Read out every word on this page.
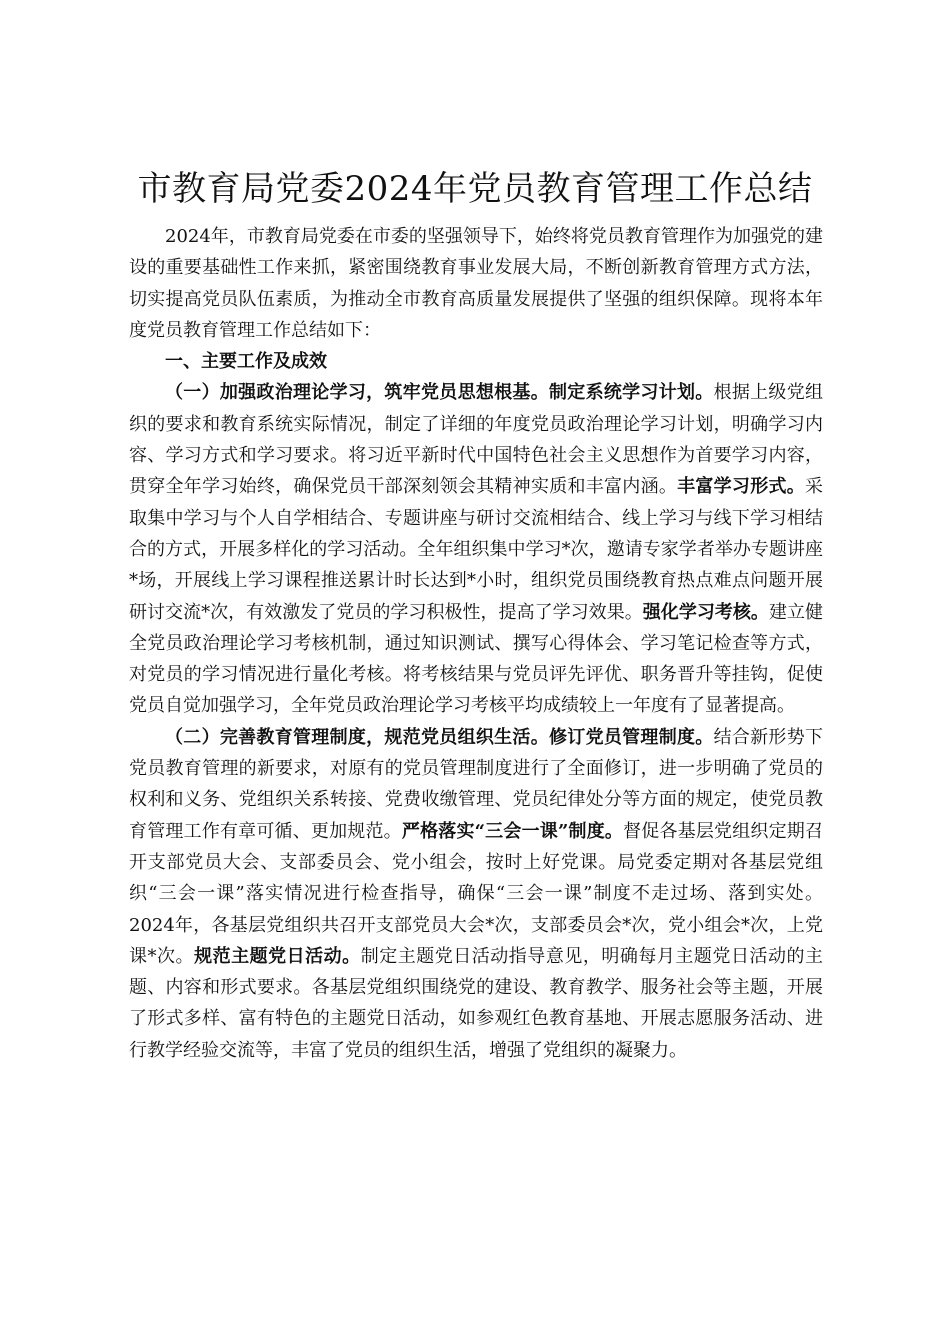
市教育局党委2024年党员教育管理工作总结

2024年，市教育局党委在市委的坚强领导下，始终将党员教育管理作为加强党的建设的重要基础性工作来抓，紧密围绕教育事业发展大局，不断创新教育管理方式方法，切实提高党员队伍素质，为推动全市教育高质量发展提供了坚强的组织保障。现将本年度党员教育管理工作总结如下：

一、主要工作及成效

（一）加强政治理论学习，筑牢党员思想根基。制定系统学习计划。根据上级党组织的要求和教育系统实际情况，制定了详细的年度党员政治理论学习计划，明确学习内容、学习方式和学习要求。将习近平新时代中国特色社会主义思想作为首要学习内容，贯穿全年学习始终，确保党员干部深刻领会其精神实质和丰富内涵。丰富学习形式。采取集中学习与个人自学相结合、专题讲座与研讨交流相结合、线上学习与线下学习相结合的方式，开展多样化的学习活动。全年组织集中学习*次，邀请专家学者举办专题讲座*场，开展线上学习课程推送累计时长达到*小时，组织党员围绕教育热点难点问题开展研讨交流*次，有效激发了党员的学习积极性，提高了学习效果。强化学习考核。建立健全党员政治理论学习考核机制，通过知识测试、撰写心得体会、学习笔记检查等方式，对党员的学习情况进行量化考核。将考核结果与党员评先评优、职务晋升等挂钩，促使党员自觉加强学习，全年党员政治理论学习考核平均成绩较上一年度有了显著提高。

（二）完善教育管理制度，规范党员组织生活。修订党员管理制度。结合新形势下党员教育管理的新要求，对原有的党员管理制度进行了全面修订，进一步明确了党员的权利和义务、党组织关系转接、党费收缴管理、党员纪律处分等方面的规定，使党员教育管理工作有章可循、更加规范。严格落实“三会一课”制度。督促各基层党组织定期召开支部党员大会、支部委员会、党小组会，按时上好党课。局党委定期对各基层党组织“三会一课”落实情况进行检查指导，确保“三会一课”制度不走过场、落到实处。2024年，各基层党组织共召开支部党员大会*次，支部委员会*次，党小组会*次，上党课*次。规范主题党日活动。制定主题党日活动指导意见，明确每月主题党日活动的主题、内容和形式要求。各基层党组织围绕党的建设、教育教学、服务社会等主题，开展了形式多样、富有特色的主题党日活动，如参观红色教育基地、开展志愿服务活动、进行教学经验交流等，丰富了党员的组织生活，增强了党组织的凝聚力。
